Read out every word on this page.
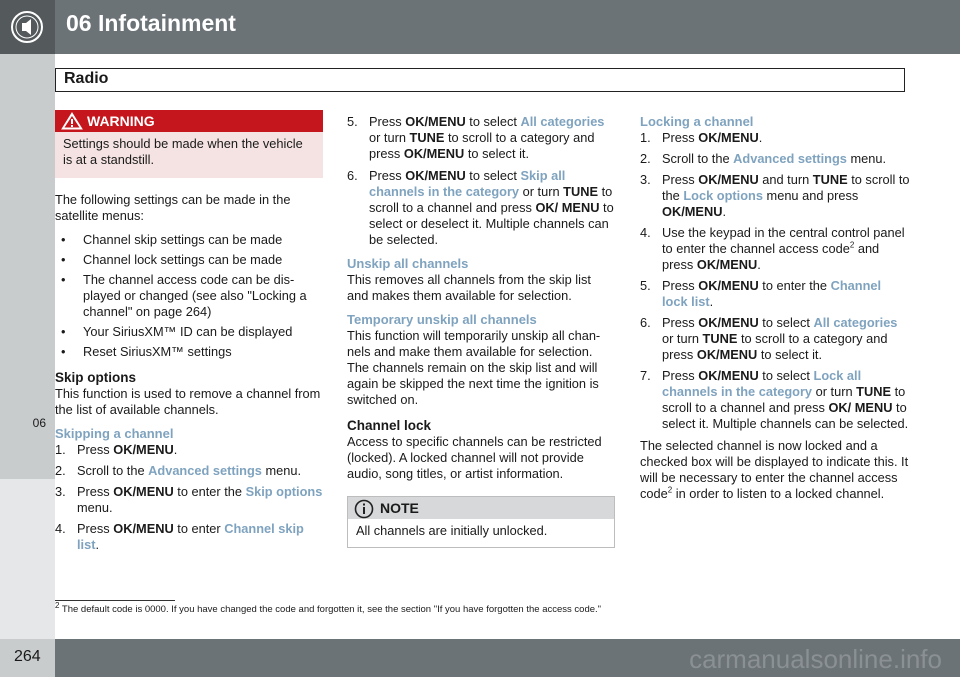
06 Infotainment
Radio
06
WARNING
Settings should be made when the vehicle is at a standstill.

The following settings can be made in the satellite menus:

•	Channel skip settings can be made
•	Channel lock settings can be made
•	The channel access code can be dis-played or changed (see also "Locking a channel" on page 264)
•	Your SiriusXM™ ID can be displayed
•	Reset SiriusXM™ settings
Skip options

This function is used to remove a channel from the list of available channels.

Skipping a channel
1. Press OK/MENU.
2. Scroll to the Advanced settings menu.
3. Press OK/MENU to enter the Skip options menu.
4. Press OK/MENU to enter Channel skip list.
5. Press OK/MENU to select All categories or turn TUNE to scroll to a category and press OK/MENU to select it.
6. Press OK/MENU to select Skip all channels in the category or turn TUNE to scroll to a channel and press OK/ MENU to select or deselect it. Multiple channels can be selected.
Unskip all channels

This removes all channels from the skip list and makes them available for selection.

Temporary unskip all channels

This function will temporarily unskip all chan-nels and make them available for selection. The channels remain on the skip list and will again be skipped the next time the ignition is switched on.

Channel lock

Access to specific channels can be restricted (locked). A locked channel will not provide audio, song titles, or artist information.

NOTE
All channels are initially unlocked.
Locking a channel
1. Press OK/MENU.
2. Scroll to the Advanced settings menu.
3. Press OK/MENU and turn TUNE to scroll to the Lock options menu and press OK/MENU.
4. Use the keypad in the central control panel to enter the channel access code$^2$ and press OK/MENU.
5. Press OK/MENU to enter the Channel lock list.
6. Press OK/MENU to select All categories or turn TUNE to scroll to a category and press OK/MENU to select it.
7. Press OK/MENU to select Lock all channels in the category or turn TUNE to scroll to a channel and press OK/ MENU to select it. Multiple channels can be selected.

The selected channel is now locked and a checked box will be displayed to indicate this. It will be necessary to enter the channel access code$^2$ in order to listen to a locked channel.

$^2$ The default code is 0000. If you have changed the code and forgotten it, see the section "If you have forgotten the access code."
264	carmanualsonline.info
